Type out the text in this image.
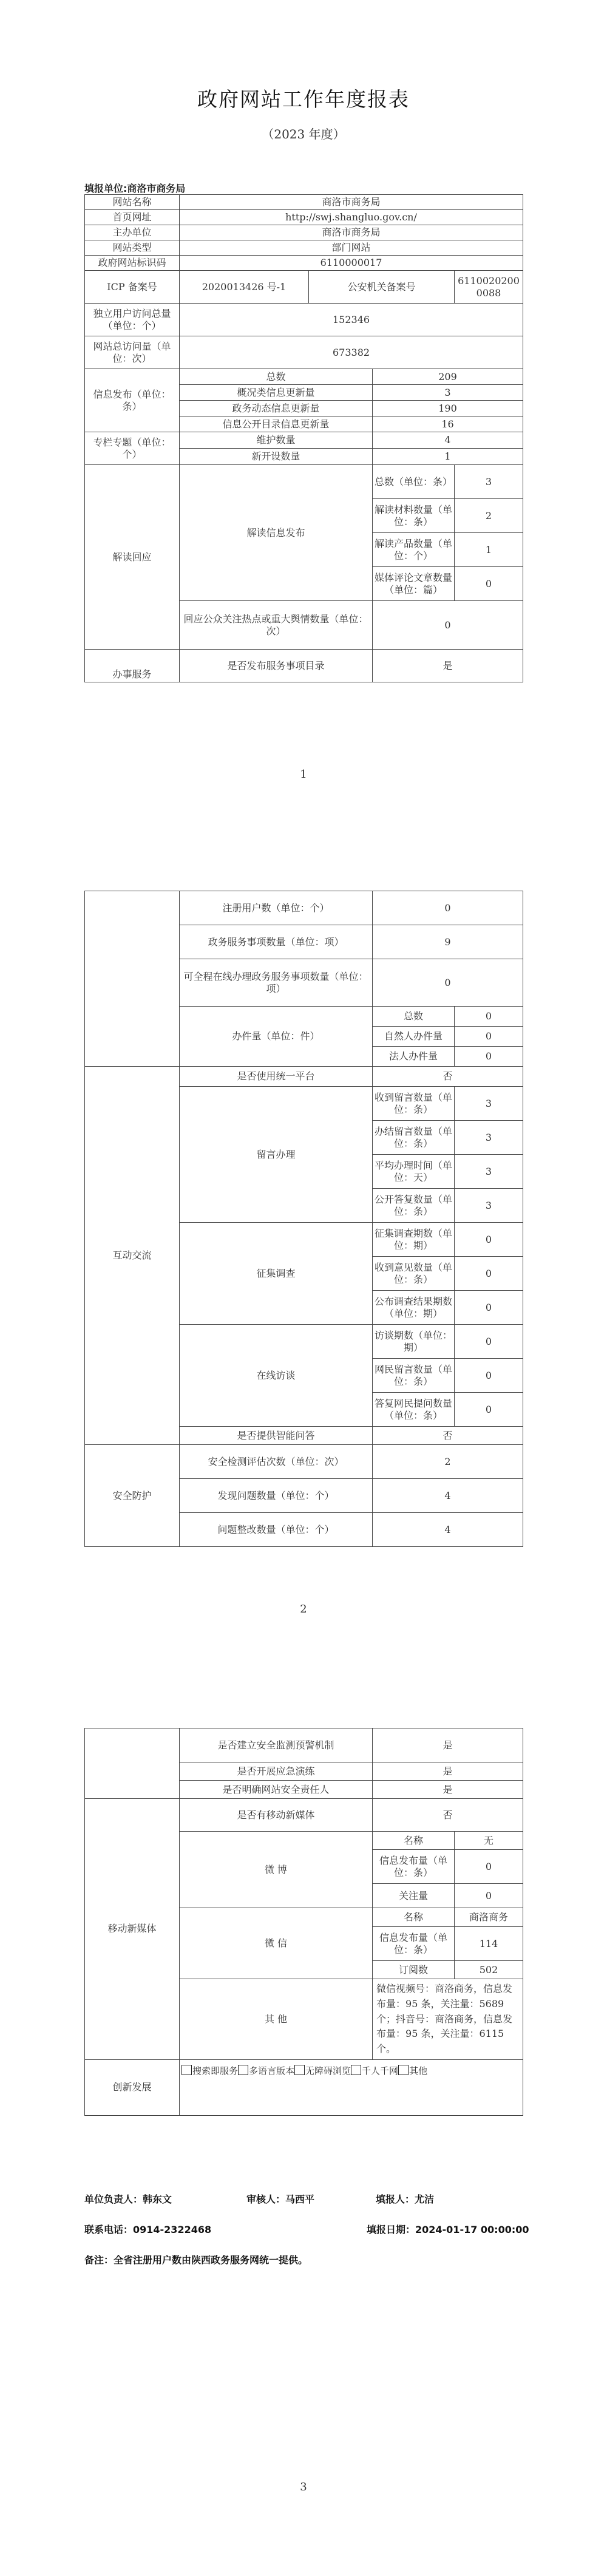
政府网站工作年度报表
（2023 年度）
填报单位:商洛市商务局
网站名称	商洛市商务局			
首页网址	http://swj.shangluo.gov.cn/			
主办单位	商洛市商务局			
网站类型	部门网站			
政府网站标识码	6110000017			
ICP 备案号	2020013426 号-1	公安机关备案号		61100202000088
独立用户访问总量（单位：个）	152346			
网站总访问量（单位：次）	673382			
信息发布（单位：条）	总数		209	
	概况类信息更新量		3	
	政务动态信息更新量		190	
	信息公开目录信息更新量		16	
专栏专题（单位：个）	维护数量		4	
	新开设数量		1	
解读回应	解读信息发布		总数（单位：条）	3
			解读材料数量（单位：条）	2
			解读产品数量（单位：个）	1
			媒体评论文章数量（单位：篇）	0
	回应公众关注热点或重大舆情数量（单位：次）		0	
办事服务	是否发布服务事项目录		是	
1
	注册用户数（单位：个）	0	
	政务服务事项数量（单位：项）	9	
	可全程在线办理政务服务事项数量（单位：项）	0	
	办件量（单位：件）	总数	0
		自然人办件量	0
		法人办件量	0
互动交流	是否使用统一平台	否	
	留言办理	收到留言数量（单位：条）	3
		办结留言数量（单位：条）	3
		平均办理时间（单位：天）	3
		公开答复数量（单位：条）	3
	征集调查	征集调查期数（单位：期）	0
		收到意见数量（单位：条）	0
		公布调查结果期数（单位：期）	0
	在线访谈	访谈期数（单位：期）	0
		网民留言数量（单位：条）	0
		答复网民提问数量（单位：条）	0
	是否提供智能问答	否	
安全防护	安全检测评估次数（单位：次）	2	
	发现问题数量（单位：个）	4	
	问题整改数量（单位：个）	4	
2
	是否建立安全监测预警机制	是	
	是否开展应急演练	是	
	是否明确网站安全责任人	是	
移动新媒体	是否有移动新媒体	否	
	微 博	名称	无
		信息发布量（单位：条）	0
		关注量	0
	微 信	名称	商洛商务
		信息发布量（单位：条）	114
		订阅数	502
	其 他	微信视频号：商洛商务，信息发布量：95 条，关注量：5689 个；抖音号：商洛商务，信息发布量：95 条，关注量：6115 个。	
创新发展	搜索即服务 多语言版本 无障碍浏览 千人千网 其他		
单位负责人：韩东文	审核人：马西平	填报人：尤洁
联系电话：0914-2322468	填报日期：2024-01-17 00:00:00
备注：全省注册用户数由陕西政务服务网统一提供。
3
